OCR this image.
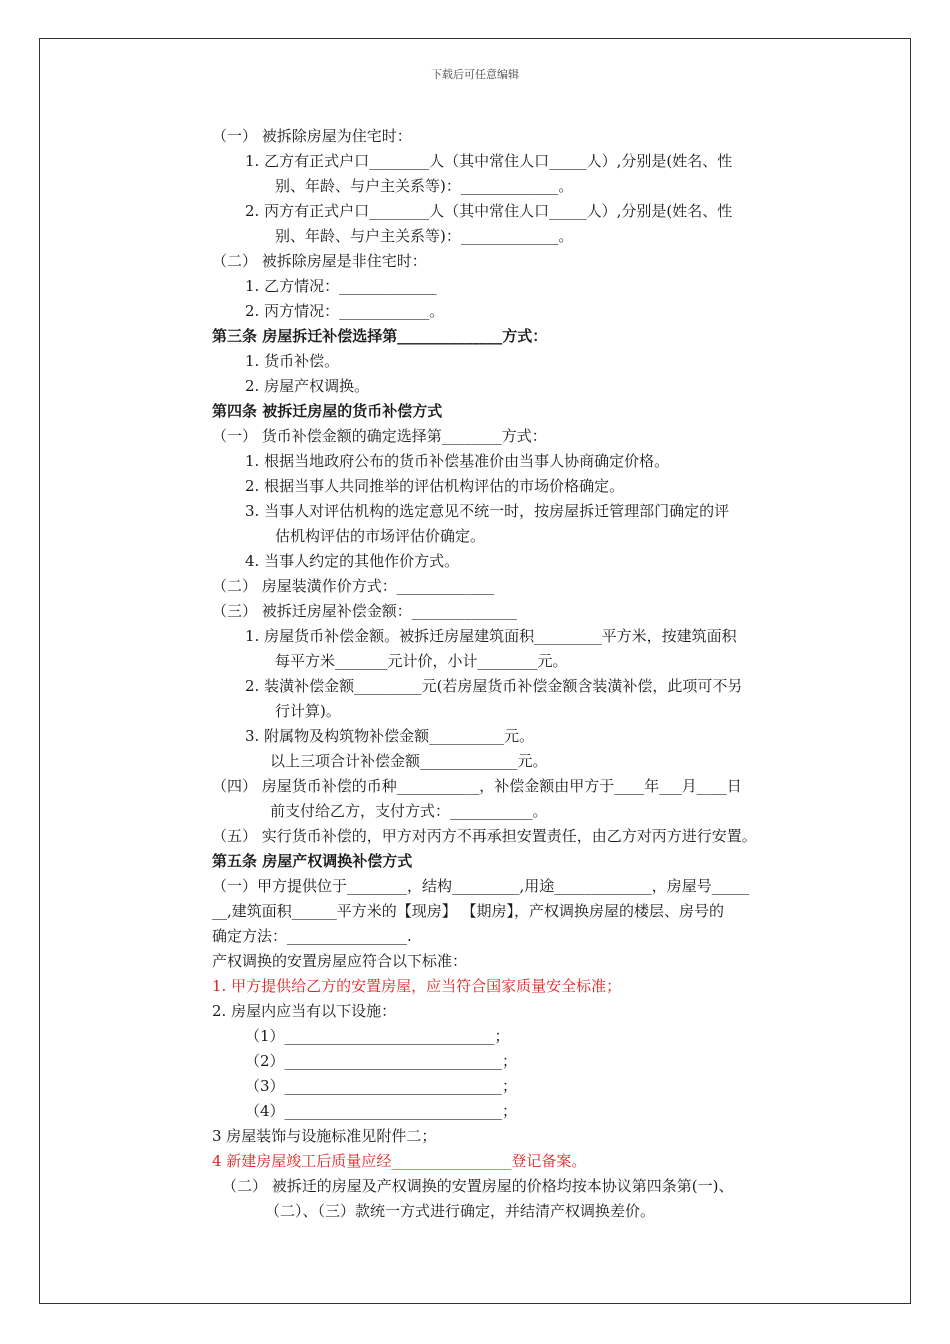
下载后可任意编辑
（一） 被拆除房屋为住宅时：
1. 乙方有正式户口________人（其中常住人口_____人）,分别是(姓名、性
别、年龄、与户主关系等)：_____________。
2. 丙方有正式户口________人（其中常住人口_____人）,分别是(姓名、性
别、年龄、与户主关系等)：_____________。
（二） 被拆除房屋是非住宅时：
1. 乙方情况：_____________
2. 丙方情况：____________。
第三条 房屋拆迁补偿选择第______________方式：
1. 货币补偿。
2. 房屋产权调换。
第四条 被拆迁房屋的货币补偿方式
（一） 货币补偿金额的确定选择第________方式：
1. 根据当地政府公布的货币补偿基准价由当事人协商确定价格。
2. 根据当事人共同推举的评估机构评估的市场价格确定。
3. 当事人对评估机构的选定意见不统一时，按房屋拆迁管理部门确定的评
估机构评估的市场评估价确定。
4. 当事人约定的其他作价方式。
（二） 房屋装潢作价方式：_____________
（三） 被拆迁房屋补偿金额：______________
1. 房屋货币补偿金额。被拆迁房屋建筑面积_________平方米，按建筑面积
每平方米_______元计价，小计________元。
2. 装潢补偿金额_________元(若房屋货币补偿金额含装潢补偿，此项可不另
行计算)。
3. 附属物及构筑物补偿金额__________元。
以上三项合计补偿金额_____________元。
（四） 房屋货币补偿的币种___________，补偿金额由甲方于____年___月____日
前支付给乙方，支付方式：___________。
（五） 实行货币补偿的，甲方对丙方不再承担安置责任，由乙方对丙方进行安置。
第五条 房屋产权调换补偿方式
（一）甲方提供位于________，结构_________,用途_____________，房屋号_____
__,建筑面积______平方米的【现房】 【期房】，产权调换房屋的楼层、房号的
确定方法：________________.
产权调换的安置房屋应符合以下标准：
1. 甲方提供给乙方的安置房屋，应当符合国家质量安全标准；
2. 房屋内应当有以下设施：
（1）____________________________；
（2）_____________________________；
（3）_____________________________；
（4）_____________________________；
3 房屋装饰与设施标准见附件二；
4 新建房屋竣工后质量应经________________登记备案。
（二） 被拆迁的房屋及产权调换的安置房屋的价格均按本协议第四条第(一)、
（二）、（三）款统一方式进行确定，并结清产权调换差价。
